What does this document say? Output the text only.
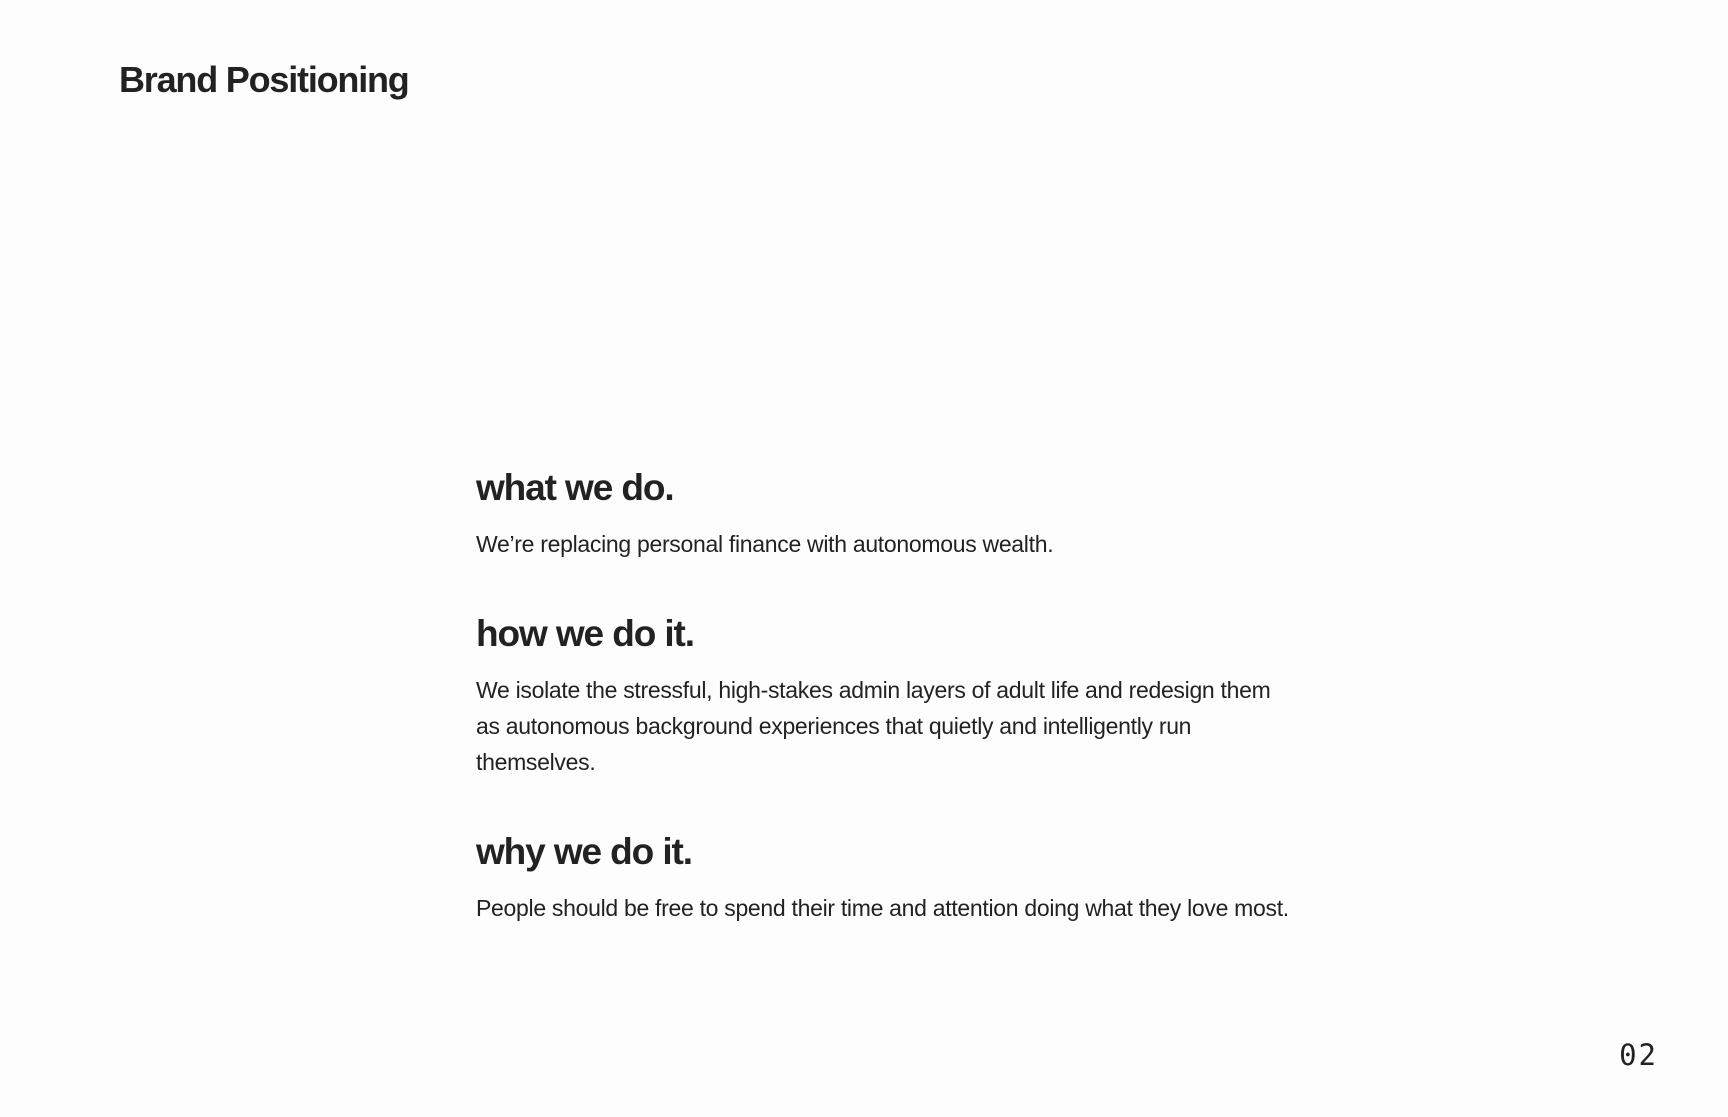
Brand Positioning
what we do.

We’re replacing personal finance with autonomous wealth.

how we do it.

We isolate the stressful, high-stakes admin layers of adult life and redesign them as autonomous background experiences that quietly and intelligently run themselves.

why we do it.

People should be free to spend their time and attention doing what they love most.

02
